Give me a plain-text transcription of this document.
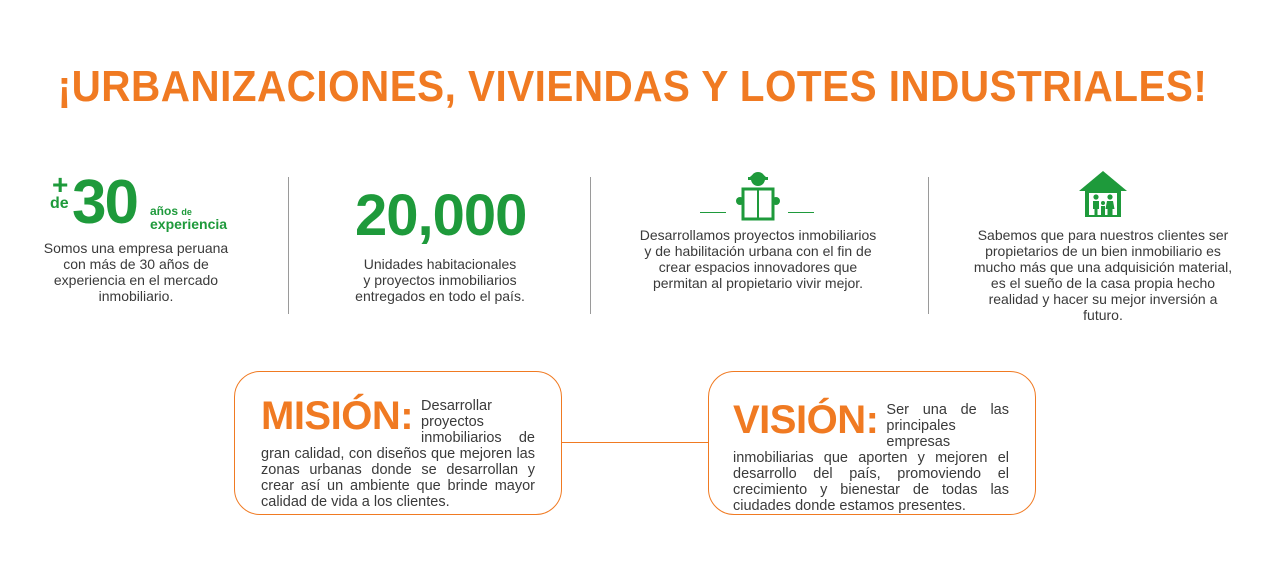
¡URBANIZACIONES, VIVIENDAS Y LOTES INDUSTRIALES!
+
de 30 años de
experiencia
Somos una empresa peruana
con más de 30 años de
experiencia en el mercado
inmobiliario.
20,000
Unidades habitacionales
y proyectos inmobiliarios
entregados en todo el país.
Desarrollamos proyectos inmobiliarios
y de habilitación urbana con el fin de
crear espacios innovadores que
permitan al propietario vivir mejor.
Sabemos que para nuestros clientes ser
propietarios de un bien inmobiliario es
mucho más que una adquisición material,
es el sueño de la casa propia hecho
realidad y hacer su mejor inversión a futuro.
MISIÓN: Desarrollar proyectos inmobiliarios de gran calidad, con diseños que mejoren las zonas urbanas donde se desarrollan y crear así un ambiente que brinde mayor calidad de vida a los clientes.
VISIÓN: Ser una de las principales empresas inmobiliarias que aporten y mejoren el desarrollo del país, promoviendo el crecimiento y bienestar de todas las ciudades donde estamos presentes.
